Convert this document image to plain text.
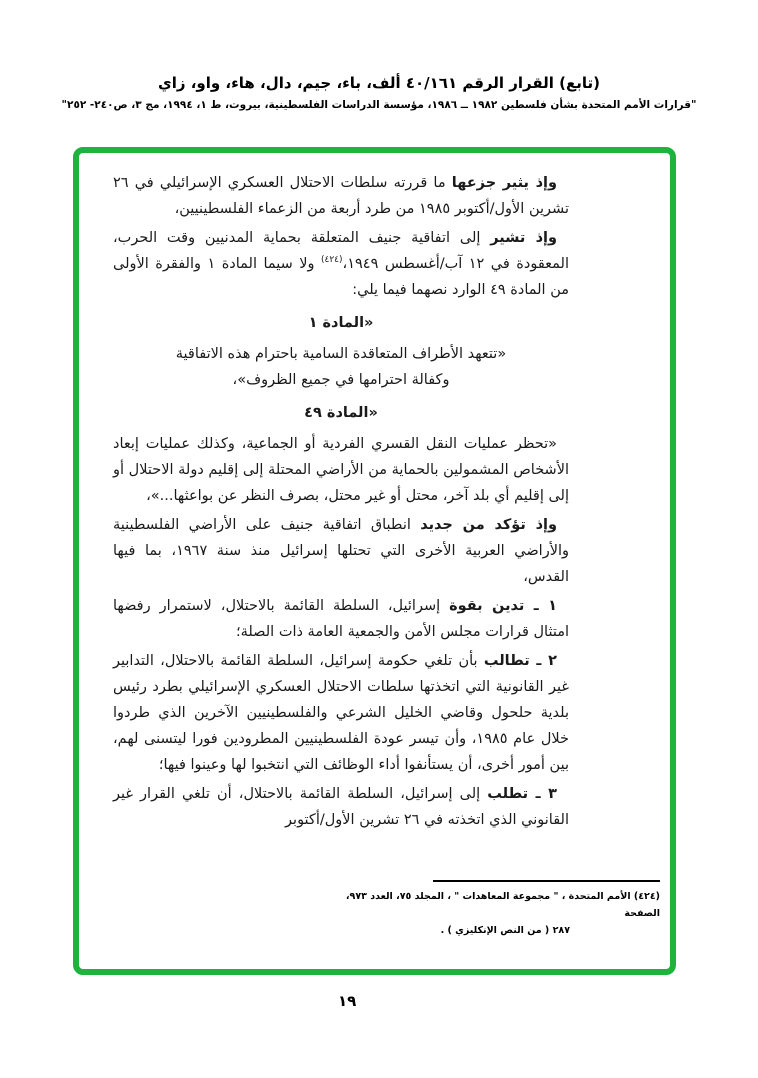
(تابع) القرار الرقم ٤٠/١٦١ ألف، باء، جيم، دال، هاء، واو، زاي
"قرارات الأمم المتحدة بشأن فلسطين ١٩٨٢ ــ ١٩٨٦، مؤسسة الدراسات الفلسطينية، بيروت، ط ١، ١٩٩٤، مج ٣، ص٢٤٠- ٢٥٢"

وإذ يثير جزعها ما قررته سلطات الاحتلال العسكري الإسرائيلي في ٢٦ تشرين الأول/أكتوبر ١٩٨٥ من طرد أربعة من الزعماء الفلسطينيين،

وإذ تشير إلى اتفاقية جنيف المتعلقة بحماية المدنيين وقت الحرب، المعقودة في ١٢ آب/أغسطس ١٩٤٩،$^{(٤٢٤)}$ ولا سيما المادة ١ والفقرة الأولى من المادة ٤٩ الوارد نصهما فيما يلي:

«المادة ١
«تتعهد الأطراف المتعاقدة السامية باحترام هذه الاتفاقية
وكفالة احترامها في جميع الظروف»،
«المادة ٤٩

«تحظر عمليات النقل القسري الفردية أو الجماعية، وكذلك عمليات إبعاد الأشخاص المشمولين بالحماية من الأراضي المحتلة إلى إقليم دولة الاحتلال أو إلى إقليم أي بلد آخر، محتل أو غير محتل، بصرف النظر عن بواعثها...»،

وإذ تؤكد من جديد انطباق اتفاقية جنيف على الأراضي الفلسطينية والأراضي العربية الأخرى التي تحتلها إسرائيل منذ سنة ١٩٦٧، بما فيها القدس،

١ ـ تدين بقوة إسرائيل، السلطة القائمة بالاحتلال، لاستمرار رفضها امتثال قرارات مجلس الأمن والجمعية العامة ذات الصلة؛

٢ ـ تطالب بأن تلغي حكومة إسرائيل، السلطة القائمة بالاحتلال، التدابير غير القانونية التي اتخذتها سلطات الاحتلال العسكري الإسرائيلي بطرد رئيس بلدية حلحول وقاضي الخليل الشرعي والفلسطينيين الآخرين الذي طردوا خلال عام ١٩٨٥، وأن تيسر عودة الفلسطينيين المطرودين فورا ليتسنى لهم، بين أمور أخرى، أن يستأنفوا أداء الوظائف التي انتخبوا لها وعينوا فيها؛

٣ ـ تطلب إلى إسرائيل، السلطة القائمة بالاحتلال، أن تلغي القرار غير القانوني الذي اتخذته في ٢٦ تشرين الأول/أكتوبر

(٤٢٤) الأمم المتحدة ، " مجموعة المعاهدات " ، المجلد ٧٥، العدد ٩٧٣، الصفحة
٢٨٧ ( من النص الإنكليزي ) .
١٩
